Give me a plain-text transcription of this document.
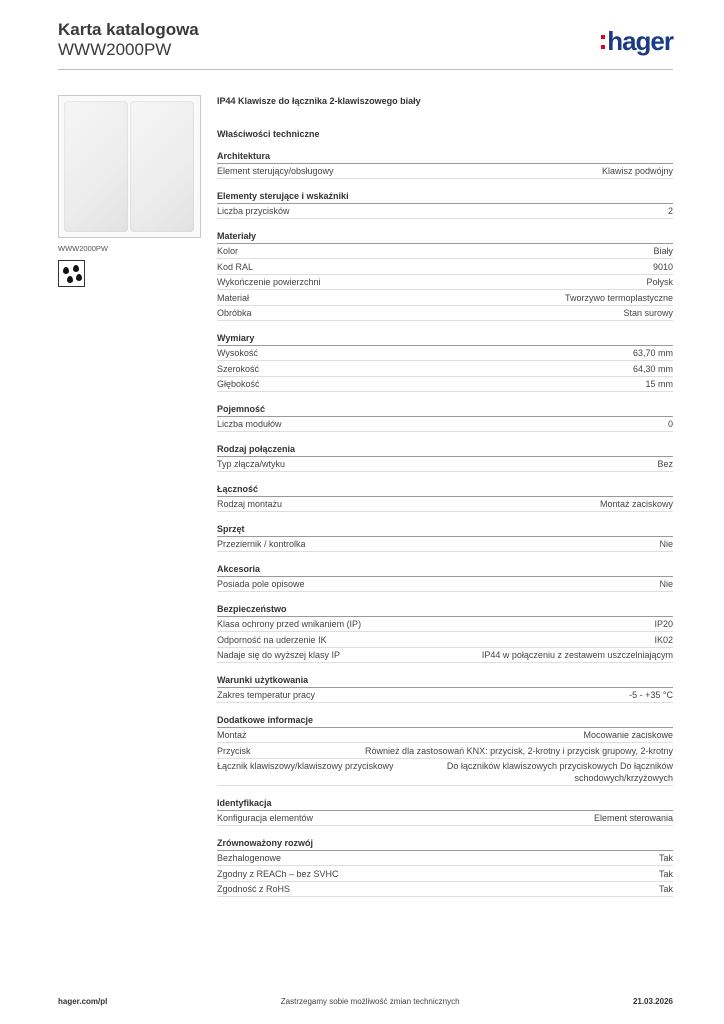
Karta katalogowa
WWW2000PW	hager
WWW2000PW
IP44 Klawisze do łącznika 2-klawiszowego biały
Właściwości techniczne
Architektura
Element sterujący/obsługowy	Klawisz podwójny
Elementy sterujące i wskaźniki
Liczba przycisków	2
Materiały
Kolor	Biały
Kod RAL	9010
Wykończenie powierzchni	Połysk
Materiał	Tworzywo termoplastyczne
Obróbka	Stan surowy
Wymiary
Wysokość	63,70 mm
Szerokość	64,30 mm
Głębokość	15 mm
Pojemność
Liczba modułów	0
Rodzaj połączenia
Typ złącza/wtyku	Bez
Łączność
Rodzaj montażu	Montaż zaciskowy
Sprzęt
Przeziernik / kontrolka	Nie
Akcesoria
Posiada pole opisowe	Nie
Bezpieczeństwo
Klasa ochrony przed wnikaniem (IP)	IP20
Odporność na uderzenie IK	IK02
Nadaje się do wyższej klasy IP	IP44 w połączeniu z zestawem uszczelniającym
Warunki użytkowania
Zakres temperatur pracy	-5 - +35 °C
Dodatkowe informacje
Montaż	Mocowanie zaciskowe
Przycisk	Również dla zastosowań KNX: przycisk, 2-krotny i przycisk grupowy, 2-krotny
Łącznik klawiszowy/klawiszowy przyciskowy	Do łączników klawiszowych przyciskowych Do łączników schodowych/krzyżowych
Identyfikacja
Konfiguracja elementów	Element sterowania
Zrównoważony rozwój
Bezhalogenowe	Tak
Zgodny z REACh – bez SVHC	Tak
Zgodność z RoHS	Tak
hager.com/pl	Zastrzegamy sobie możliwość zmian technicznych	21.03.2026
